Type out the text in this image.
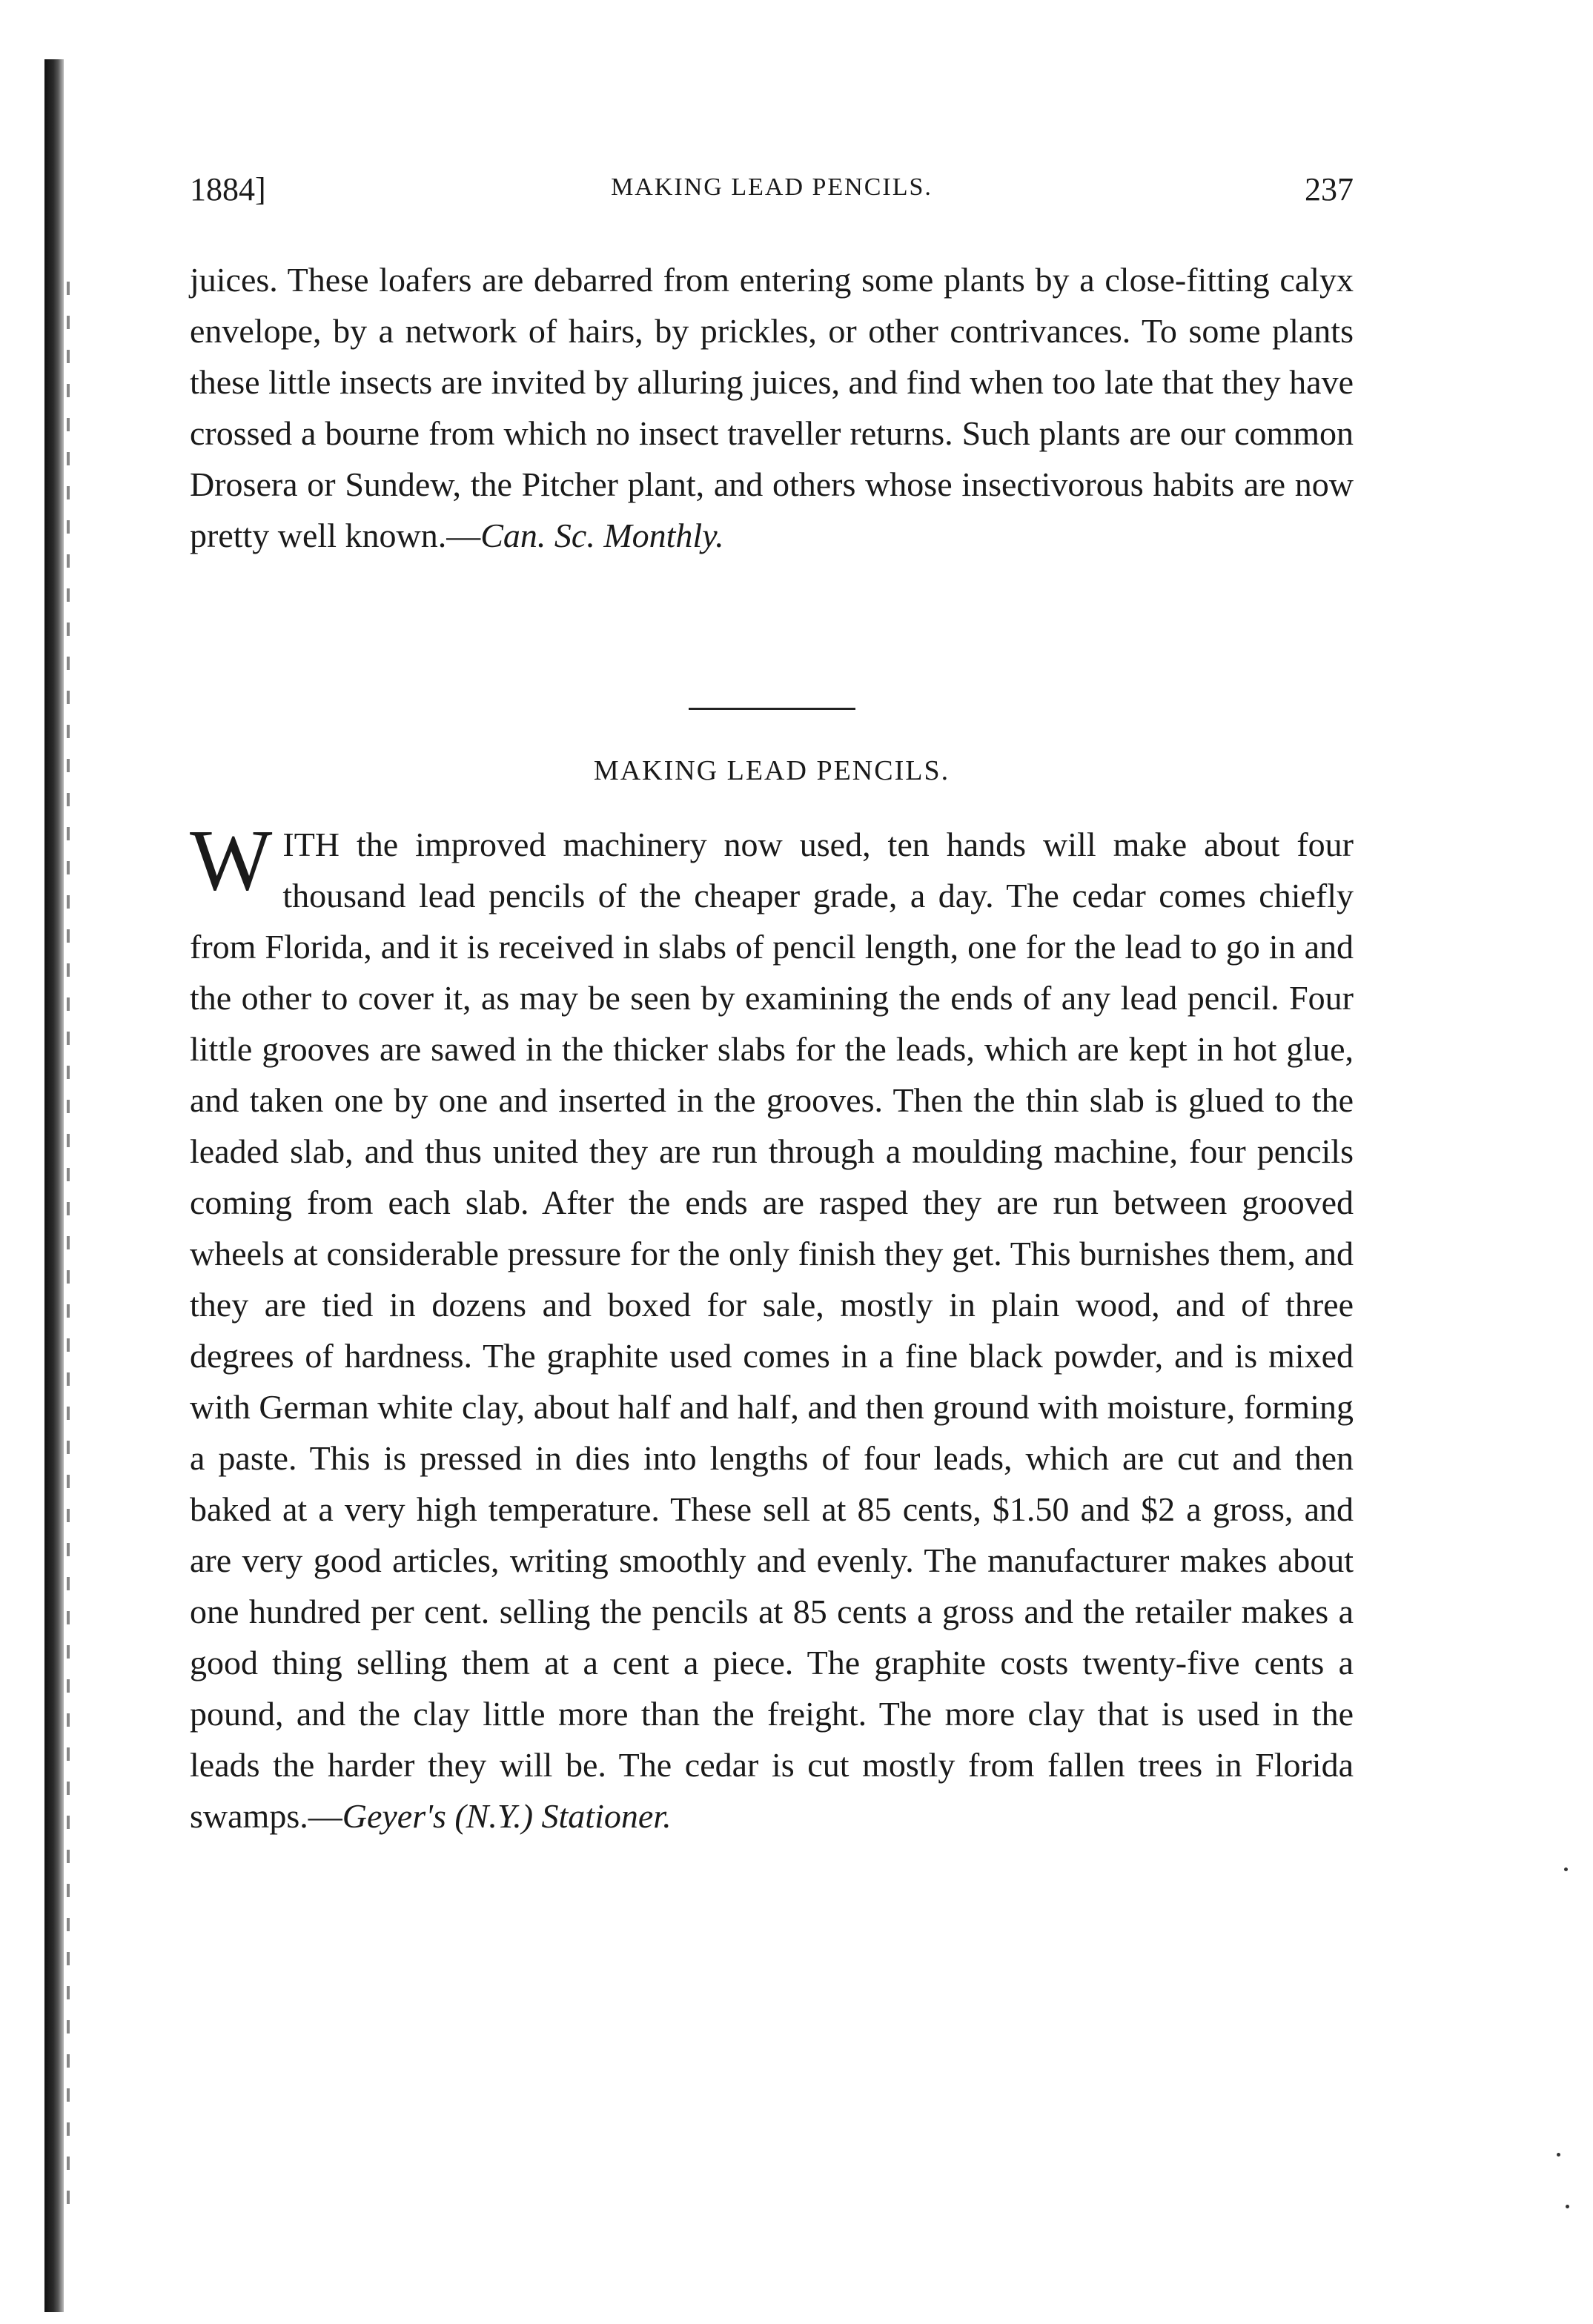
1884]	MAKING LEAD PENCILS.	237

juices. These loafers are debarred from entering some plants by a close-fitting calyx envelope, by a network of hairs, by prickles, or other contrivances. To some plants these little insects are invited by alluring juices, and find when too late that they have crossed a bourne from which no insect traveller returns. Such plants are our common Drosera or Sundew, the Pitcher plant, and others whose insectivorous habits are now pretty well known.—Can. Sc. Monthly.

MAKING LEAD PENCILS.

WITH the improved machinery now used, ten hands will make about four thousand lead pencils of the cheaper grade, a day. The cedar comes chiefly from Florida, and it is received in slabs of pencil length, one for the lead to go in and the other to cover it, as may be seen by examining the ends of any lead pencil. Four little grooves are sawed in the thicker slabs for the leads, which are kept in hot glue, and taken one by one and inserted in the grooves. Then the thin slab is glued to the leaded slab, and thus united they are run through a moulding machine, four pencils coming from each slab. After the ends are rasped they are run between grooved wheels at considerable pressure for the only finish they get. This burnishes them, and they are tied in dozens and boxed for sale, mostly in plain wood, and of three degrees of hardness. The graphite used comes in a fine black powder, and is mixed with German white clay, about half and half, and then ground with moisture, forming a paste. This is pressed in dies into lengths of four leads, which are cut and then baked at a very high temperature. These sell at 85 cents, $1.50 and $2 a gross, and are very good articles, writing smoothly and evenly. The manufacturer makes about one hundred per cent. selling the pencils at 85 cents a gross and the retailer makes a good thing selling them at a cent a piece. The graphite costs twenty-five cents a pound, and the clay little more than the freight. The more clay that is used in the leads the harder they will be. The cedar is cut mostly from fallen trees in Florida swamps.—Geyer's (N.Y.) Stationer.
